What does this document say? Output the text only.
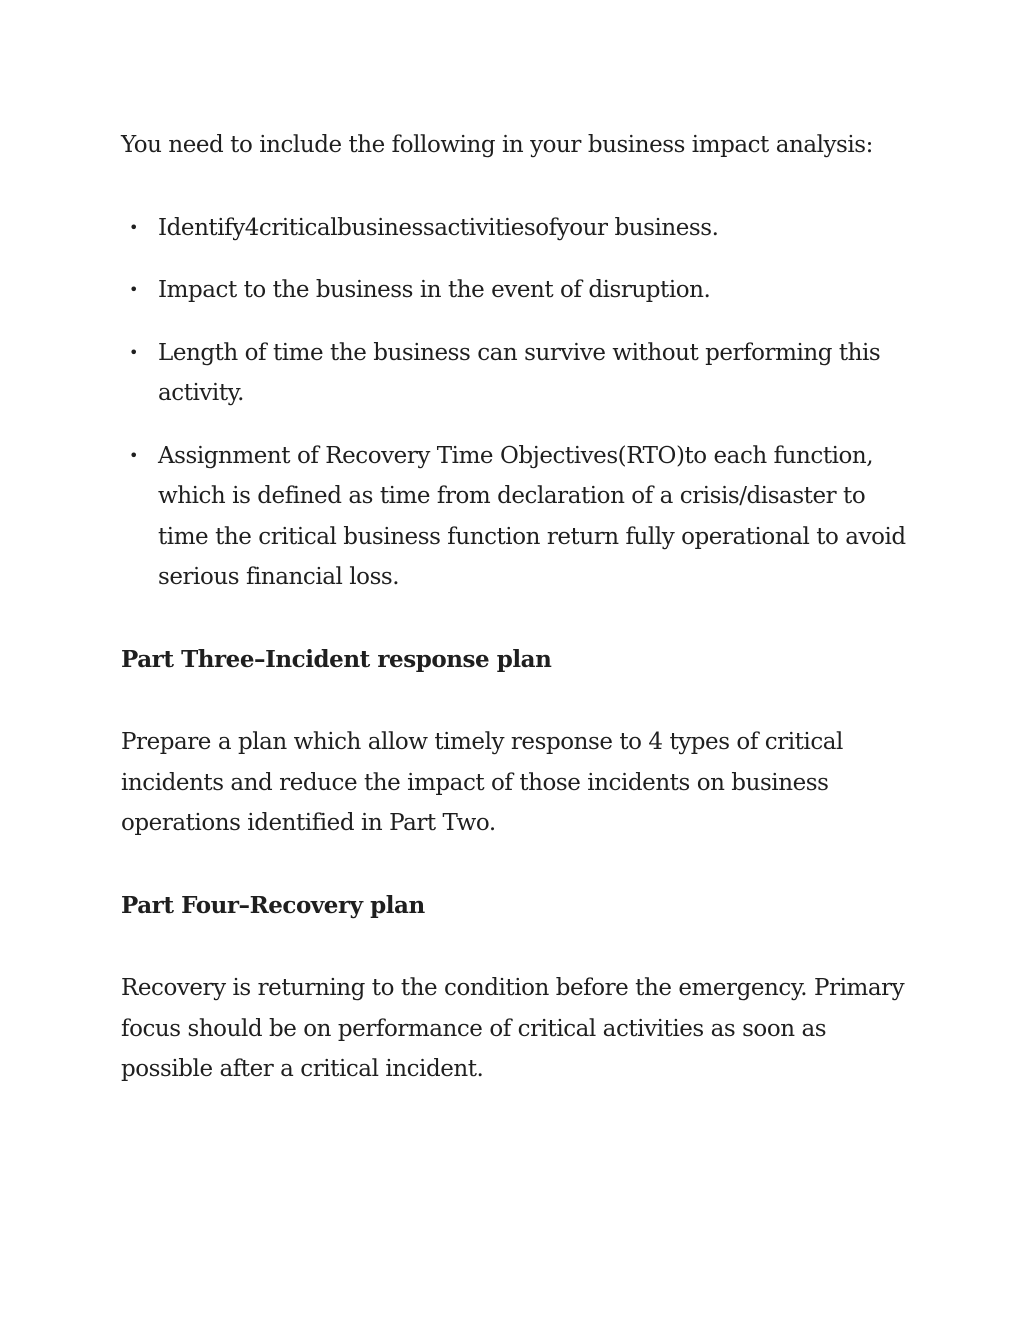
You need to include the following in your business impact analysis:

• Identify4criticalbusinessactivitiesofyour business.
• Impact to the business in the event of disruption.
• Length of time the business can survive without performing this activity.
• Assignment of Recovery Time Objectives(RTO)to each function, which is defined as time from declaration of a crisis/disaster to time the critical business function return fully operational to avoid serious financial loss.

Part Three–Incident response plan

Prepare a plan which allow timely response to 4 types of critical incidents and reduce the impact of those incidents on business operations identified in Part Two.

Part Four–Recovery plan

Recovery is returning to the condition before the emergency. Primary focus should be on performance of critical activities as soon as possible after a critical incident.
